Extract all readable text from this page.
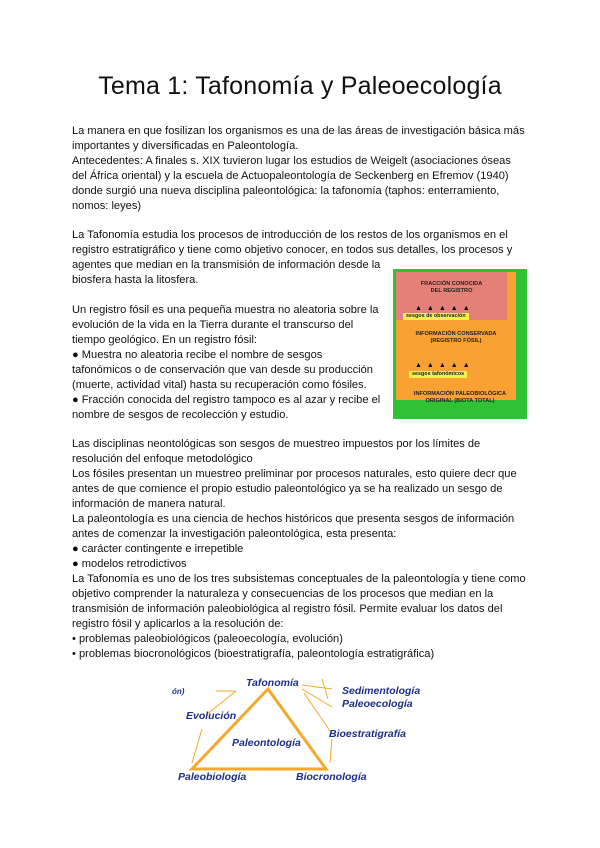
Tema 1: Tafonomía y Paleoecología
La manera en que fosilizan los organismos es una de las áreas de investigación básica más
importantes y diversificadas en Paleontología.
Antecedentes: A finales s. XIX tuvieron lugar los estudios de Weigelt (asociaciones óseas
del África oriental) y la escuela de Actuopaleontología de Seckenberg en Efremov (1940)
donde surgió una nueva disciplina paleontológica: la tafonomía (taphos: enterramiento,
nomos: leyes)
La Tafonomía estudia los procesos de introducción de los restos de los organismos en el
registro estratigráfico y tiene como objetivo conocer, en todos sus detalles, los procesos y
agentes que median en la transmisión de información desde la
biosfera hasta la litosfera.
Un registro fósil es una pequeña muestra no aleatoria sobre la
evolución de la vida en la Tierra durante el transcurso del
tiempo geológico. En un registro fósil:
● Muestra no aleatoria recibe el nombre de sesgos
tafonómicos o de conservación que van desde su producción
(muerte, actividad vital) hasta su recuperación como fósiles.
● Fracción conocida del registro tampoco es al azar y recibe el
nombre de sesgos de recolección y estudio.
FRACCIÓN CONOCIDA
DEL REGISTRO
▲▲▲▲▲
sesgos de observación
INFORMACIÓN CONSERVADA
(REGISTRO FÓSIL)
▲▲▲▲▲
sesgos tafonómicos
INFORMACIÓN PALEOBIOLÓGICA
ORIGINAL (BIOTA TOTAL)
Las disciplinas neontológicas son sesgos de muestreo impuestos por los límites de
resolución del enfoque metodológico
Los fósiles presentan un muestreo preliminar por procesos naturales, esto quiere decr que
antes de que comience el propio estudio paleontológico ya se ha realizado un sesgo de
información de manera natural.
La paleontología es una ciencia de hechos históricos que presenta sesgos de información
antes de comenzar la investigación paleontológica, esta presenta:
● carácter contingente e irrepetible
● modelos retrodictivos
La Tafonomía es uno de los tres subsistemas conceptuales de la paleontología y tiene como
objetivo comprender la naturaleza y consecuencias de los procesos que median en la
transmisión de información paleobiológica al registro fósil. Permite evaluar los datos del
registro fósil y aplicarlos a la resolución de:
• problemas paleobiológicos (paleoecología, evolución)
• problemas biocronológicos (bioestratigrafía, paleontología estratigráfica)
ón)
Tafonomía
Sedimentología
Paleoecología
Evolución
Paleontología
Bioestratigrafía
Paleobiología	Biocronología
